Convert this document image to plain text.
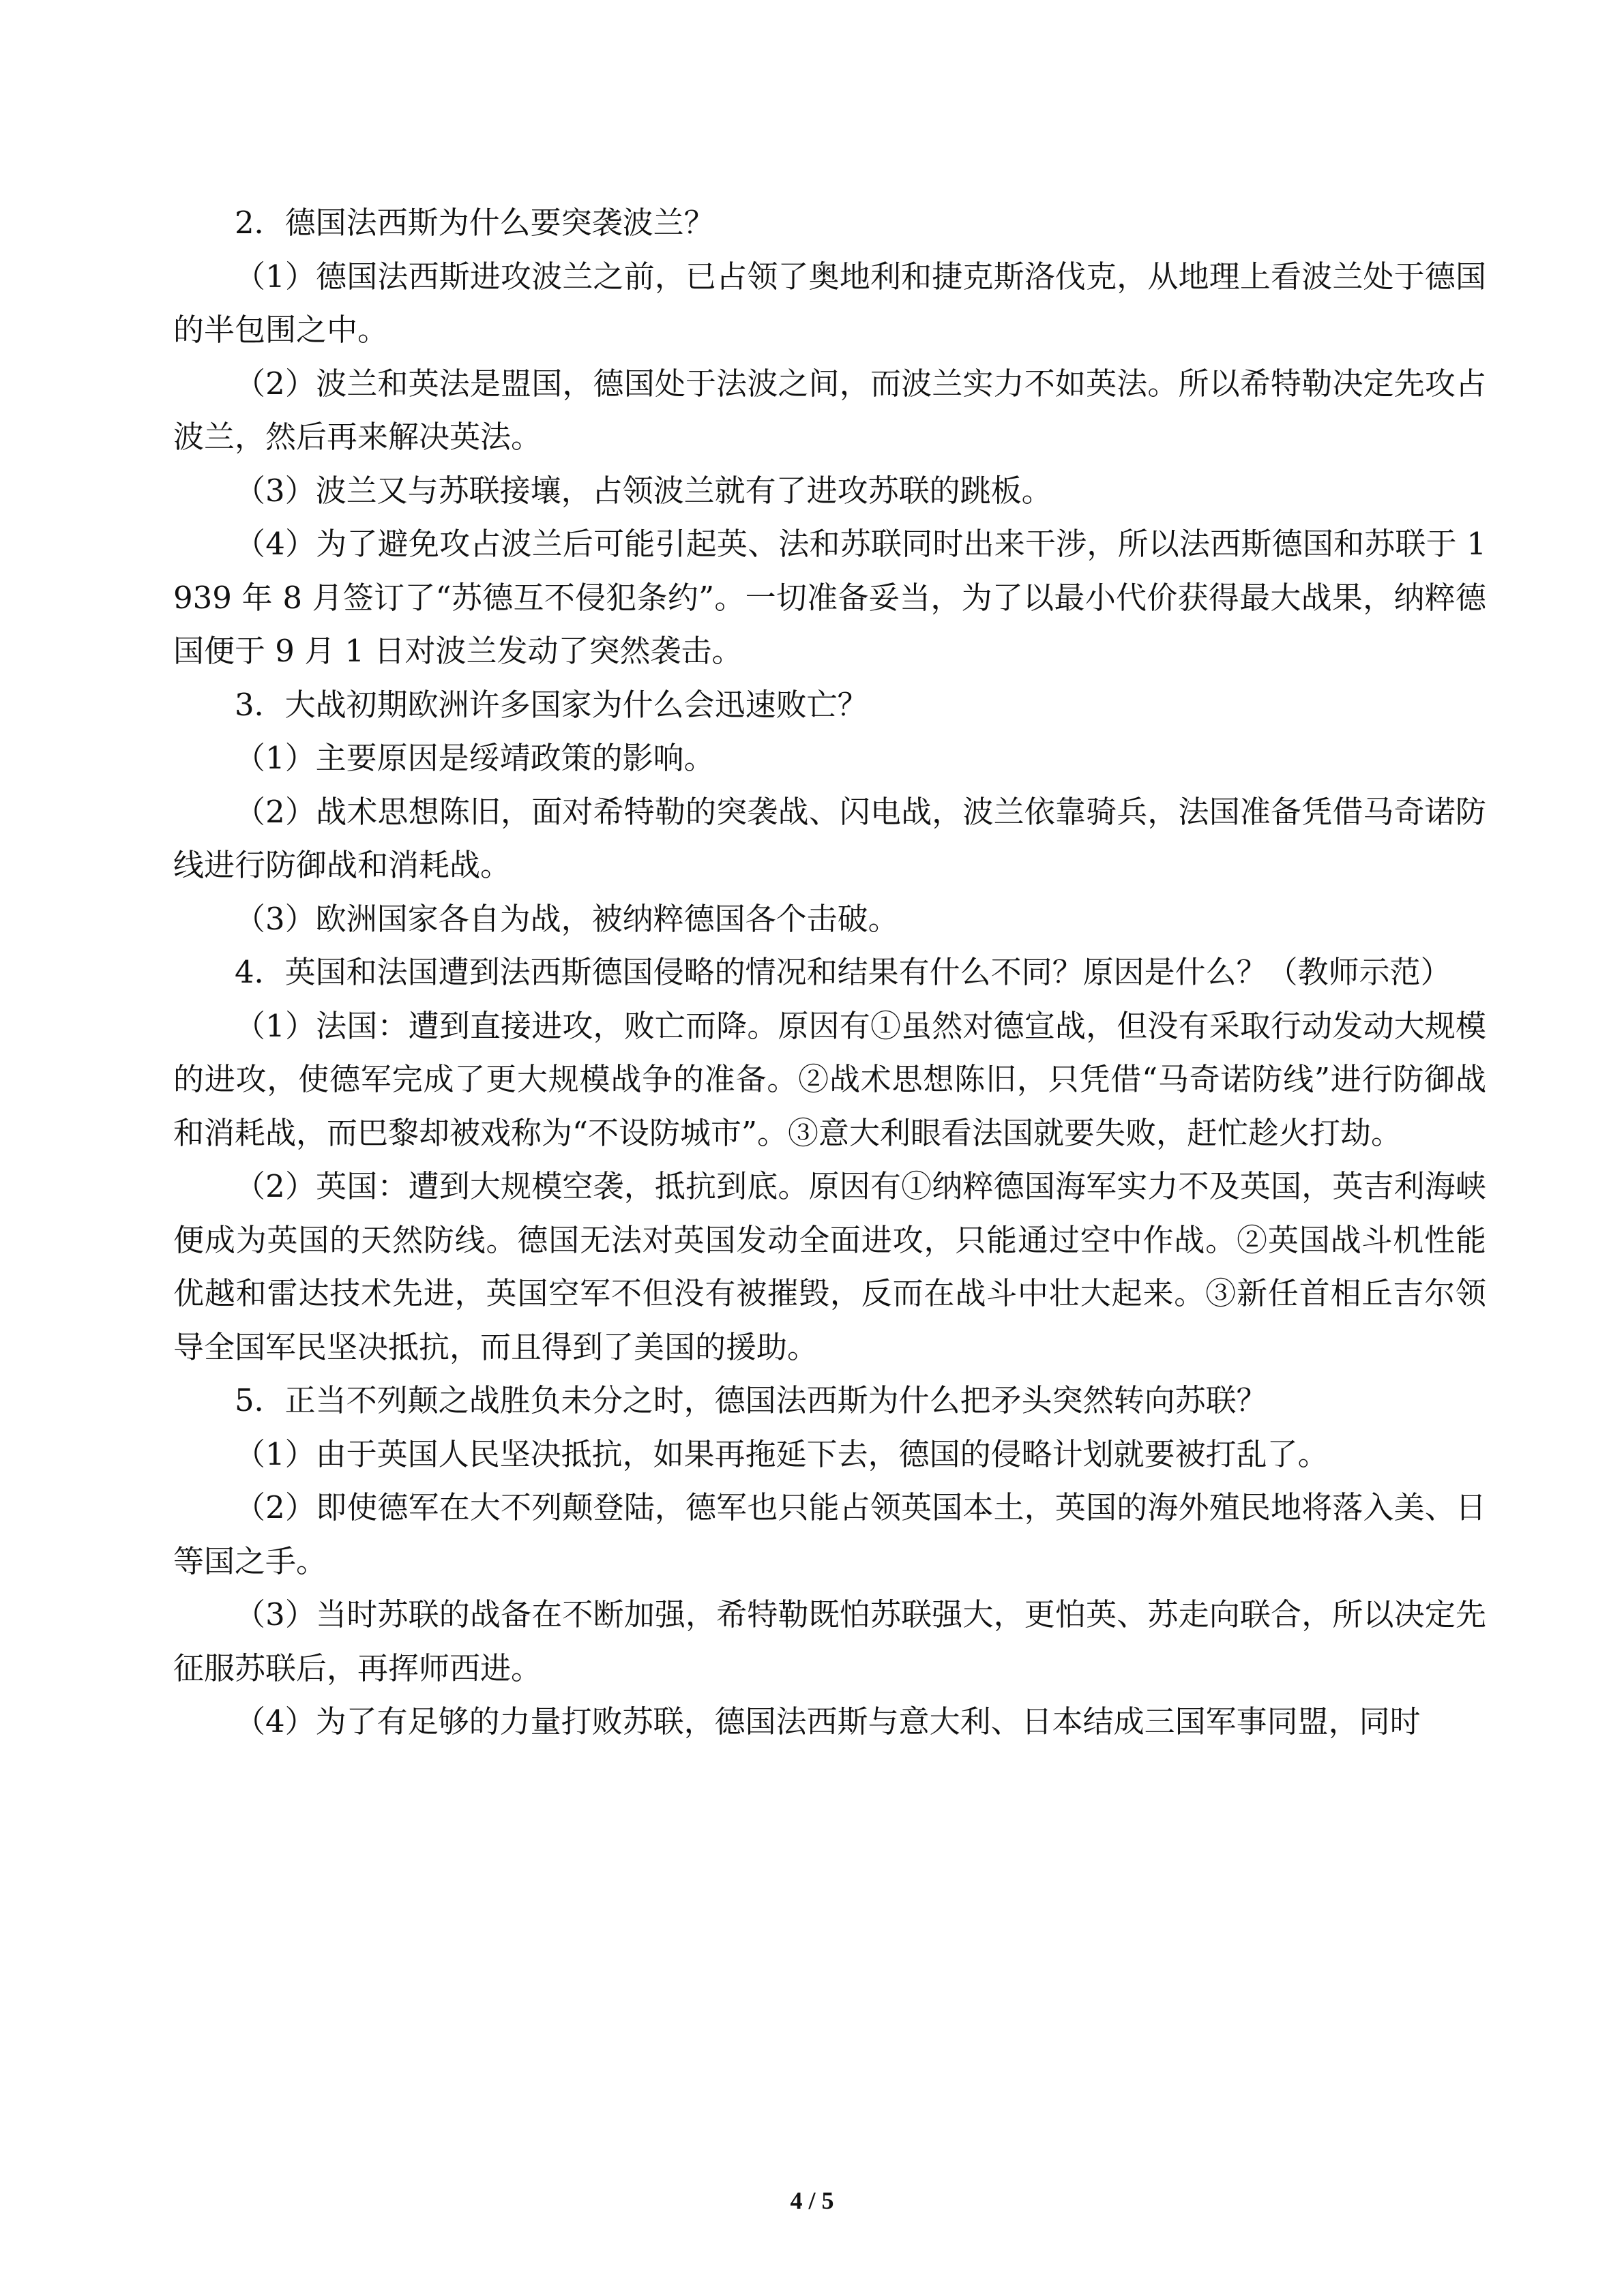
2．德国法西斯为什么要突袭波兰？

（1）德国法西斯进攻波兰之前，已占领了奥地利和捷克斯洛伐克，从地理上看波兰处于德国的半包围之中。

（2）波兰和英法是盟国，德国处于法波之间，而波兰实力不如英法。所以希特勒决定先攻占波兰，然后再来解决英法。

（3）波兰又与苏联接壤，占领波兰就有了进攻苏联的跳板。

（4）为了避免攻占波兰后可能引起英、法和苏联同时出来干涉，所以法西斯德国和苏联于 1939 年 8 月签订了“苏德互不侵犯条约”。一切准备妥当，为了以最小代价获得最大战果，纳粹德国便于 9 月 1 日对波兰发动了突然袭击。

3．大战初期欧洲许多国家为什么会迅速败亡？

（1）主要原因是绥靖政策的影响。

（2）战术思想陈旧，面对希特勒的突袭战、闪电战，波兰依靠骑兵，法国准备凭借马奇诺防线进行防御战和消耗战。

（3）欧洲国家各自为战，被纳粹德国各个击破。

4．英国和法国遭到法西斯德国侵略的情况和结果有什么不同？原因是什么？（教师示范）

（1）法国：遭到直接进攻，败亡而降。原因有①虽然对德宣战，但没有采取行动发动大规模的进攻，使德军完成了更大规模战争的准备。②战术思想陈旧，只凭借“马奇诺防线”进行防御战和消耗战，而巴黎却被戏称为“不设防城市”。③意大利眼看法国就要失败，赶忙趁火打劫。

（2）英国：遭到大规模空袭，抵抗到底。原因有①纳粹德国海军实力不及英国，英吉利海峡便成为英国的天然防线。德国无法对英国发动全面进攻，只能通过空中作战。②英国战斗机性能优越和雷达技术先进，英国空军不但没有被摧毁，反而在战斗中壮大起来。③新任首相丘吉尔领导全国军民坚决抵抗，而且得到了美国的援助。

5．正当不列颠之战胜负未分之时，德国法西斯为什么把矛头突然转向苏联？

（1）由于英国人民坚决抵抗，如果再拖延下去，德国的侵略计划就要被打乱了。

（2）即使德军在大不列颠登陆，德军也只能占领英国本土，英国的海外殖民地将落入美、日等国之手。

（3）当时苏联的战备在不断加强，希特勒既怕苏联强大，更怕英、苏走向联合，所以决定先征服苏联后，再挥师西进。

（4）为了有足够的力量打败苏联，德国法西斯与意大利、日本结成三国军事同盟，同时

4 / 5
